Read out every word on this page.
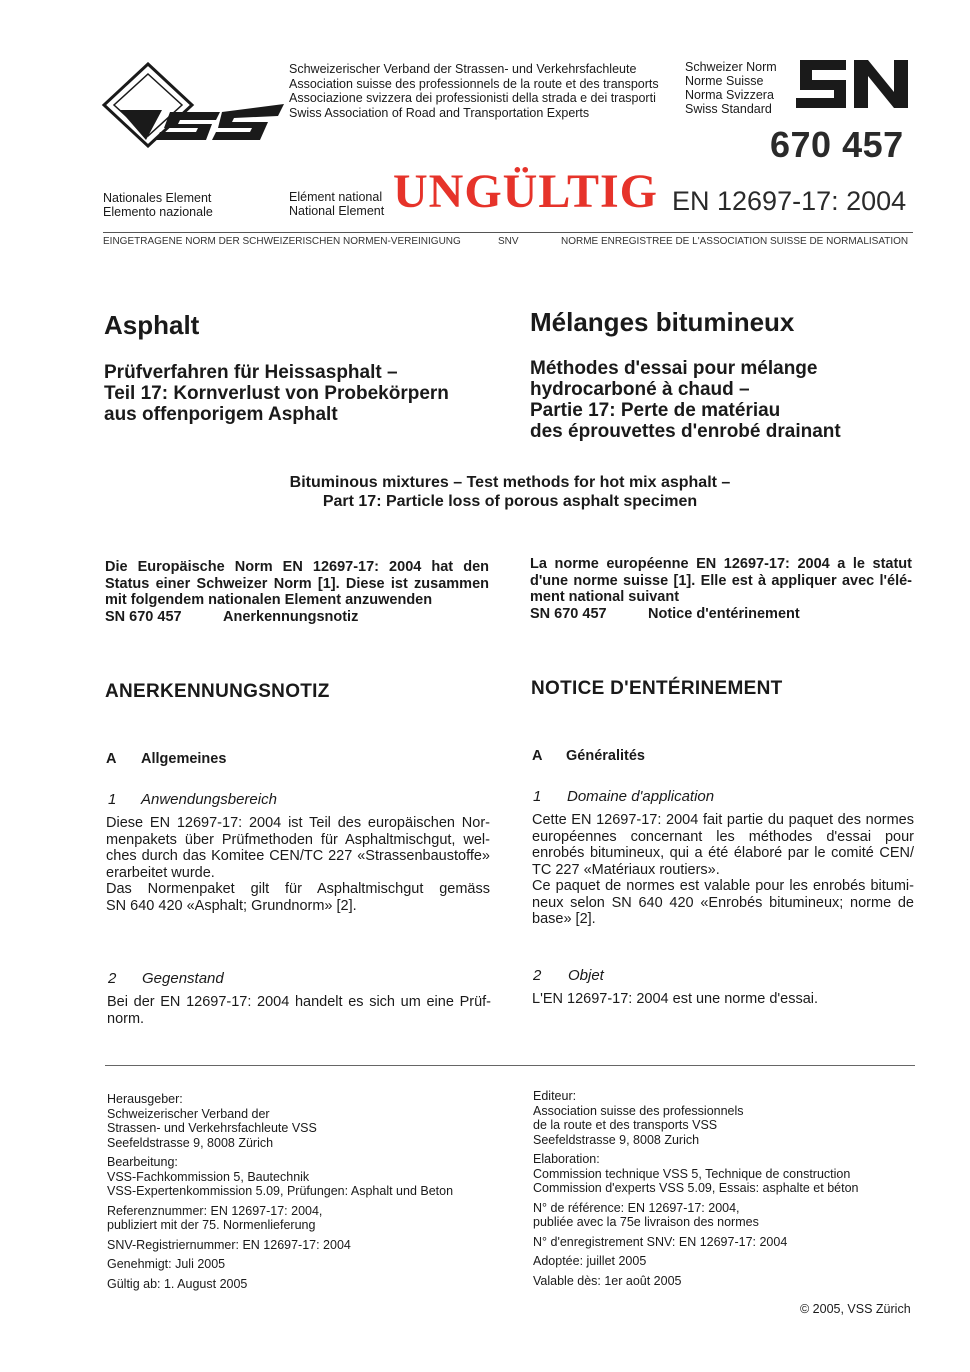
Schweizerischer Verband der Strassen- und Verkehrsfachleute
Association suisse des professionnels de la route et des transports
Associazione svizzera dei professionisti della strada e dei trasporti
Swiss Association of Road and Transportation Experts
Schweizer Norm
Norme Suisse
Norma Svizzera
Swiss Standard
670 457
Nationales Element
Elemento nazionale
Elément national
National Element UNGÜLTIG EN 12697-17: 2004
EINGETRAGENE NORM DER SCHWEIZERISCHEN NORMEN-VEREINIGUNG	SNV	NORME ENREGISTREE DE L'ASSOCIATION SUISSE DE NORMALISATION
Asphalt
Prüfverfahren für Heissasphalt –
Teil 17: Kornverlust von Probekörpern
aus offenporigem Asphalt
Mélanges bitumineux
Méthodes d'essai pour mélange
hydrocarboné à chaud –
Partie 17: Perte de matériau
des éprouvettes d'enrobé drainant
Bituminous mixtures – Test methods for hot mix asphalt –
Part 17: Particle loss of porous asphalt specimen
Die Europäische Norm EN 12697-17: 2004 hat den
Status einer Schweizer Norm [1]. Diese ist zusammen
mit folgendem nationalen Element anzuwenden
SN 670 457	Anerkennungsnotiz
La norme européenne EN 12697-17: 2004 a le statut
d'une norme suisse [1]. Elle est à appliquer avec l'élé-
ment national suivant
SN 670 457	Notice d'entérinement
ANERKENNUNGSNOTIZ	NOTICE D'ENTÉRINEMENT
A Allgemeines
1 Anwendungsbereich
Diese EN 12697-17: 2004 ist Teil des europäischen Nor-
menpakets über Prüfmethoden für Asphaltmischgut, wel-
ches durch das Komitee CEN/TC 227 «Strassenbaustoffe»
erarbeitet wurde.
Das Normenpaket gilt für Asphaltmischgut gemäss
SN 640 420 «Asphalt; Grundnorm» [2].
2 Gegenstand
Bei der EN 12697-17: 2004 handelt es sich um eine Prüf-
norm.
A Généralités
1 Domaine d'application
Cette EN 12697-17: 2004 fait partie du paquet des normes
européennes concernant les méthodes d'essai pour
enrobés bitumineux, qui a été élaboré par le comité CEN/
TC 227 «Matériaux routiers».
Ce paquet de normes est valable pour les enrobés bitumi-
neux selon SN 640 420 «Enrobés bitumineux; norme de
base» [2].
2 Objet
L'EN 12697-17: 2004 est une norme d'essai.
Herausgeber:
Schweizerischer Verband der
Strassen- und Verkehrsfachleute VSS
Seefeldstrasse 9, 8008 Zürich
Bearbeitung:
VSS-Fachkommission 5, Bautechnik
VSS-Expertenkommission 5.09, Prüfungen: Asphalt und Beton
Referenznummer: EN 12697-17: 2004,
publiziert mit der 75. Normenlieferung
SNV-Registriernummer: EN 12697-17: 2004
Genehmigt: Juli 2005
Gültig ab: 1. August 2005
Editeur:
Association suisse des professionnels
de la route et des transports VSS
Seefeldstrasse 9, 8008 Zurich
Elaboration:
Commission technique VSS 5, Technique de construction
Commission d'experts VSS 5.09, Essais: asphalte et béton
N° de référence: EN 12697-17: 2004,
publiée avec la 75e livraison des normes
N° d'enregistrement SNV: EN 12697-17: 2004
Adoptée: juillet 2005
Valable dès: 1er août 2005
© 2005, VSS Zürich
